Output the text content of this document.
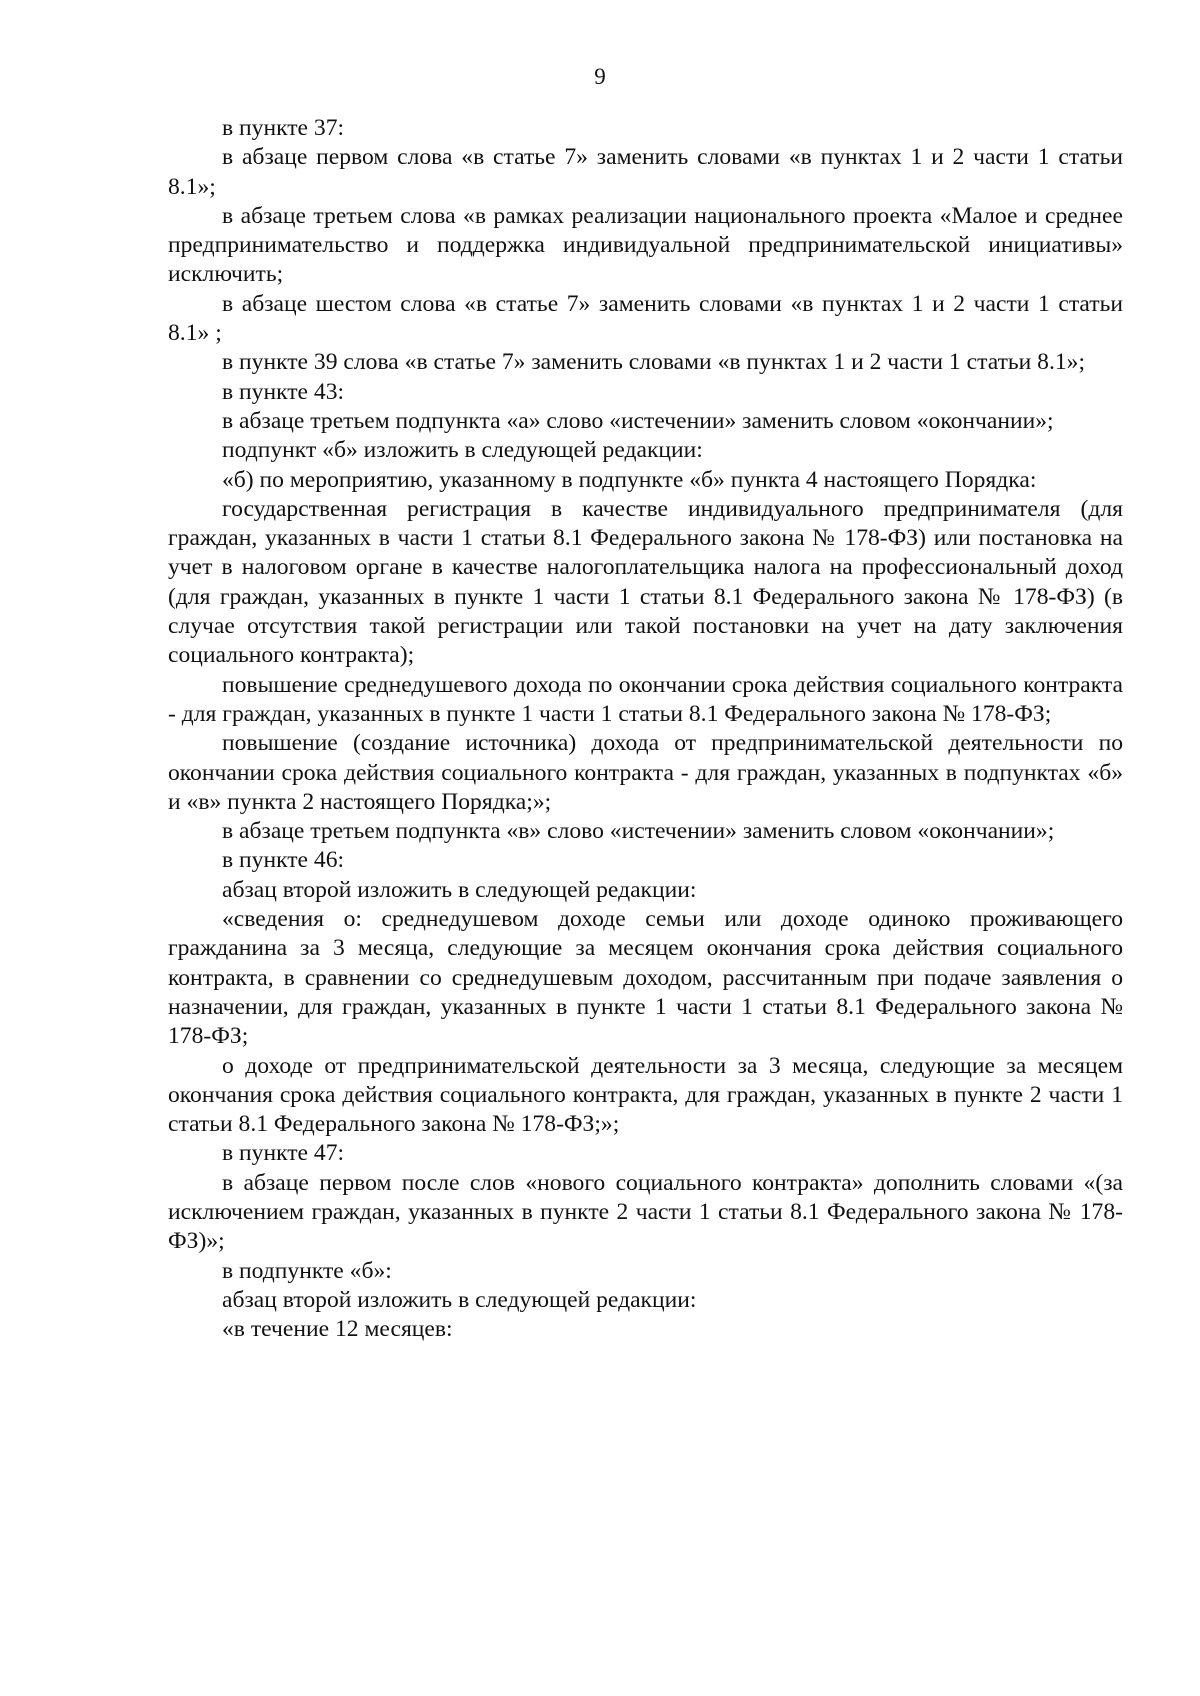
9

в пункте 37:

в абзаце первом слова «в статье 7» заменить словами «в пунктах 1 и 2 части 1 статьи 8.1»;

в абзаце третьем слова «в рамках реализации национального проекта «Малое и среднее предпринимательство и поддержка индивидуальной предпринимательской инициативы» исключить;

в абзаце шестом слова «в статье 7» заменить словами «в пунктах 1 и 2 части 1 статьи 8.1» ;

в пункте 39 слова «в статье 7» заменить словами «в пунктах 1 и 2 части 1 статьи 8.1»;

в пункте 43:

в абзаце третьем подпункта «а» слово «истечении» заменить словом «окончании»;

подпункт «б» изложить в следующей редакции:

«б) по мероприятию, указанному в подпункте «б» пункта 4 настоящего Порядка:

государственная регистрация в качестве индивидуального предпринимателя (для граждан, указанных в части 1 статьи 8.1 Федерального закона № 178-ФЗ) или постановка на учет в налоговом органе в качестве налогоплательщика налога на профессиональный доход (для граждан, указанных в пункте 1 части 1 статьи 8.1 Федерального закона № 178-ФЗ) (в случае отсутствия такой регистрации или такой постановки на учет на дату заключения социального контракта);

повышение среднедушевого дохода по окончании срока действия социального контракта - для граждан, указанных в пункте 1 части 1 статьи 8.1 Федерального закона № 178-ФЗ;

повышение (создание источника) дохода от предпринимательской деятельности по окончании срока действия социального контракта - для граждан, указанных в подпунктах «б» и «в» пункта 2 настоящего Порядка;»;

в абзаце третьем подпункта «в» слово «истечении» заменить словом «окончании»;

в пункте 46:

абзац второй изложить в следующей редакции:

«сведения о: среднедушевом доходе семьи или доходе одиноко проживающего гражданина за 3 месяца, следующие за месяцем окончания срока действия социального контракта, в сравнении со среднедушевым доходом, рассчитанным при подаче заявления о назначении, для граждан, указанных в пункте 1 части 1 статьи 8.1 Федерального закона № 178-ФЗ;

о доходе от предпринимательской деятельности за 3 месяца, следующие за месяцем окончания срока действия социального контракта, для граждан, указанных в пункте 2 части 1 статьи 8.1 Федерального закона № 178-ФЗ;»;

в пункте 47:

в абзаце первом после слов «нового социального контракта» дополнить словами «(за исключением граждан, указанных в пункте 2 части 1 статьи 8.1 Федерального закона № 178-ФЗ)»;

в подпункте «б»:

абзац второй изложить в следующей редакции:

«в течение 12 месяцев:
